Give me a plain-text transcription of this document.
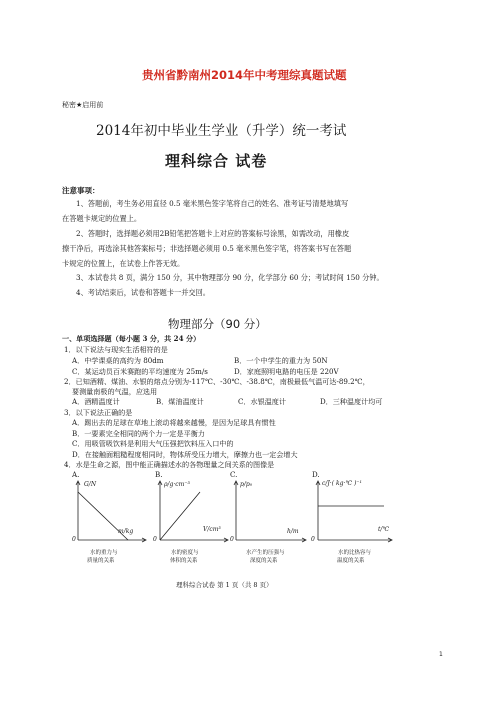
贵州省黔南州2014年中考理综真题试题
秘密★启用前
2014年初中毕业生学业（升学）统一考试
理科综合 试卷
注意事项：
1、答题前，考生务必用直径 0.5 毫米黑色签字笔将自己的姓名、准考证号清楚地填写
在答题卡规定的位置上。
2、答题时，选择题必须用2B铅笔把答题卡上对应的答案标号涂黑，如需改动，用橡皮
擦干净后，再选涂其他答案标号；非选择题必须用 0.5 毫米黑色签字笔，将答案书写在答题
卡规定的位置上，在试卷上作答无效。
3、本试卷共 8 页，满分 150 分，其中物理部分 90 分，化学部分 60 分；考试时间 150 分钟。
4、考试结束后，试卷和答题卡一并交回。
物理部分（90 分）
一、单项选择题（每小题 3 分，共 24 分）
1．以下说法与现实生活相符的是
A．中学课桌的高约为 80dm	B．一个中学生的重力为 50N
C．某运动员百米赛跑的平均速度为 25m/s	D．家庭照明电路的电压是 220V
2．已知酒精、煤油、水银的熔点分别为-117℃、-30℃、-38.8℃，南极最低气温可达-89.2℃，
要测量南极的气温，应选用
A．酒精温度计	B．煤油温度计	C．水银温度计	D．三种温度计均可
3．以下说法正确的是
A．踢出去的足球在草地上滚动将越来越慢，是因为足球具有惯性
B．一要素完全相同的两个力一定是平衡力
C．用吸管吸饮料是利用大气压强把饮料压入口中的
D．在接触面粗糙程度相同时，物体所受压力增大，摩擦力也一定会增大
4．水是生命之源，图中能正确描述水的各物理量之间关系的图像是
A.	B.	C.	D.
G/N
m/kg
0
水的重力与
质量的关系
ρ/g·cm⁻³
V/cm³
0
水的密度与
体积的关系
p/p₀
h/m
0
水产生的压强与
深度的关系
c/J·( kg·℃ )⁻¹
t/℃
0
水的比热容与
温度的关系
理科综合试卷 第 1 页（共 8 页）
1
